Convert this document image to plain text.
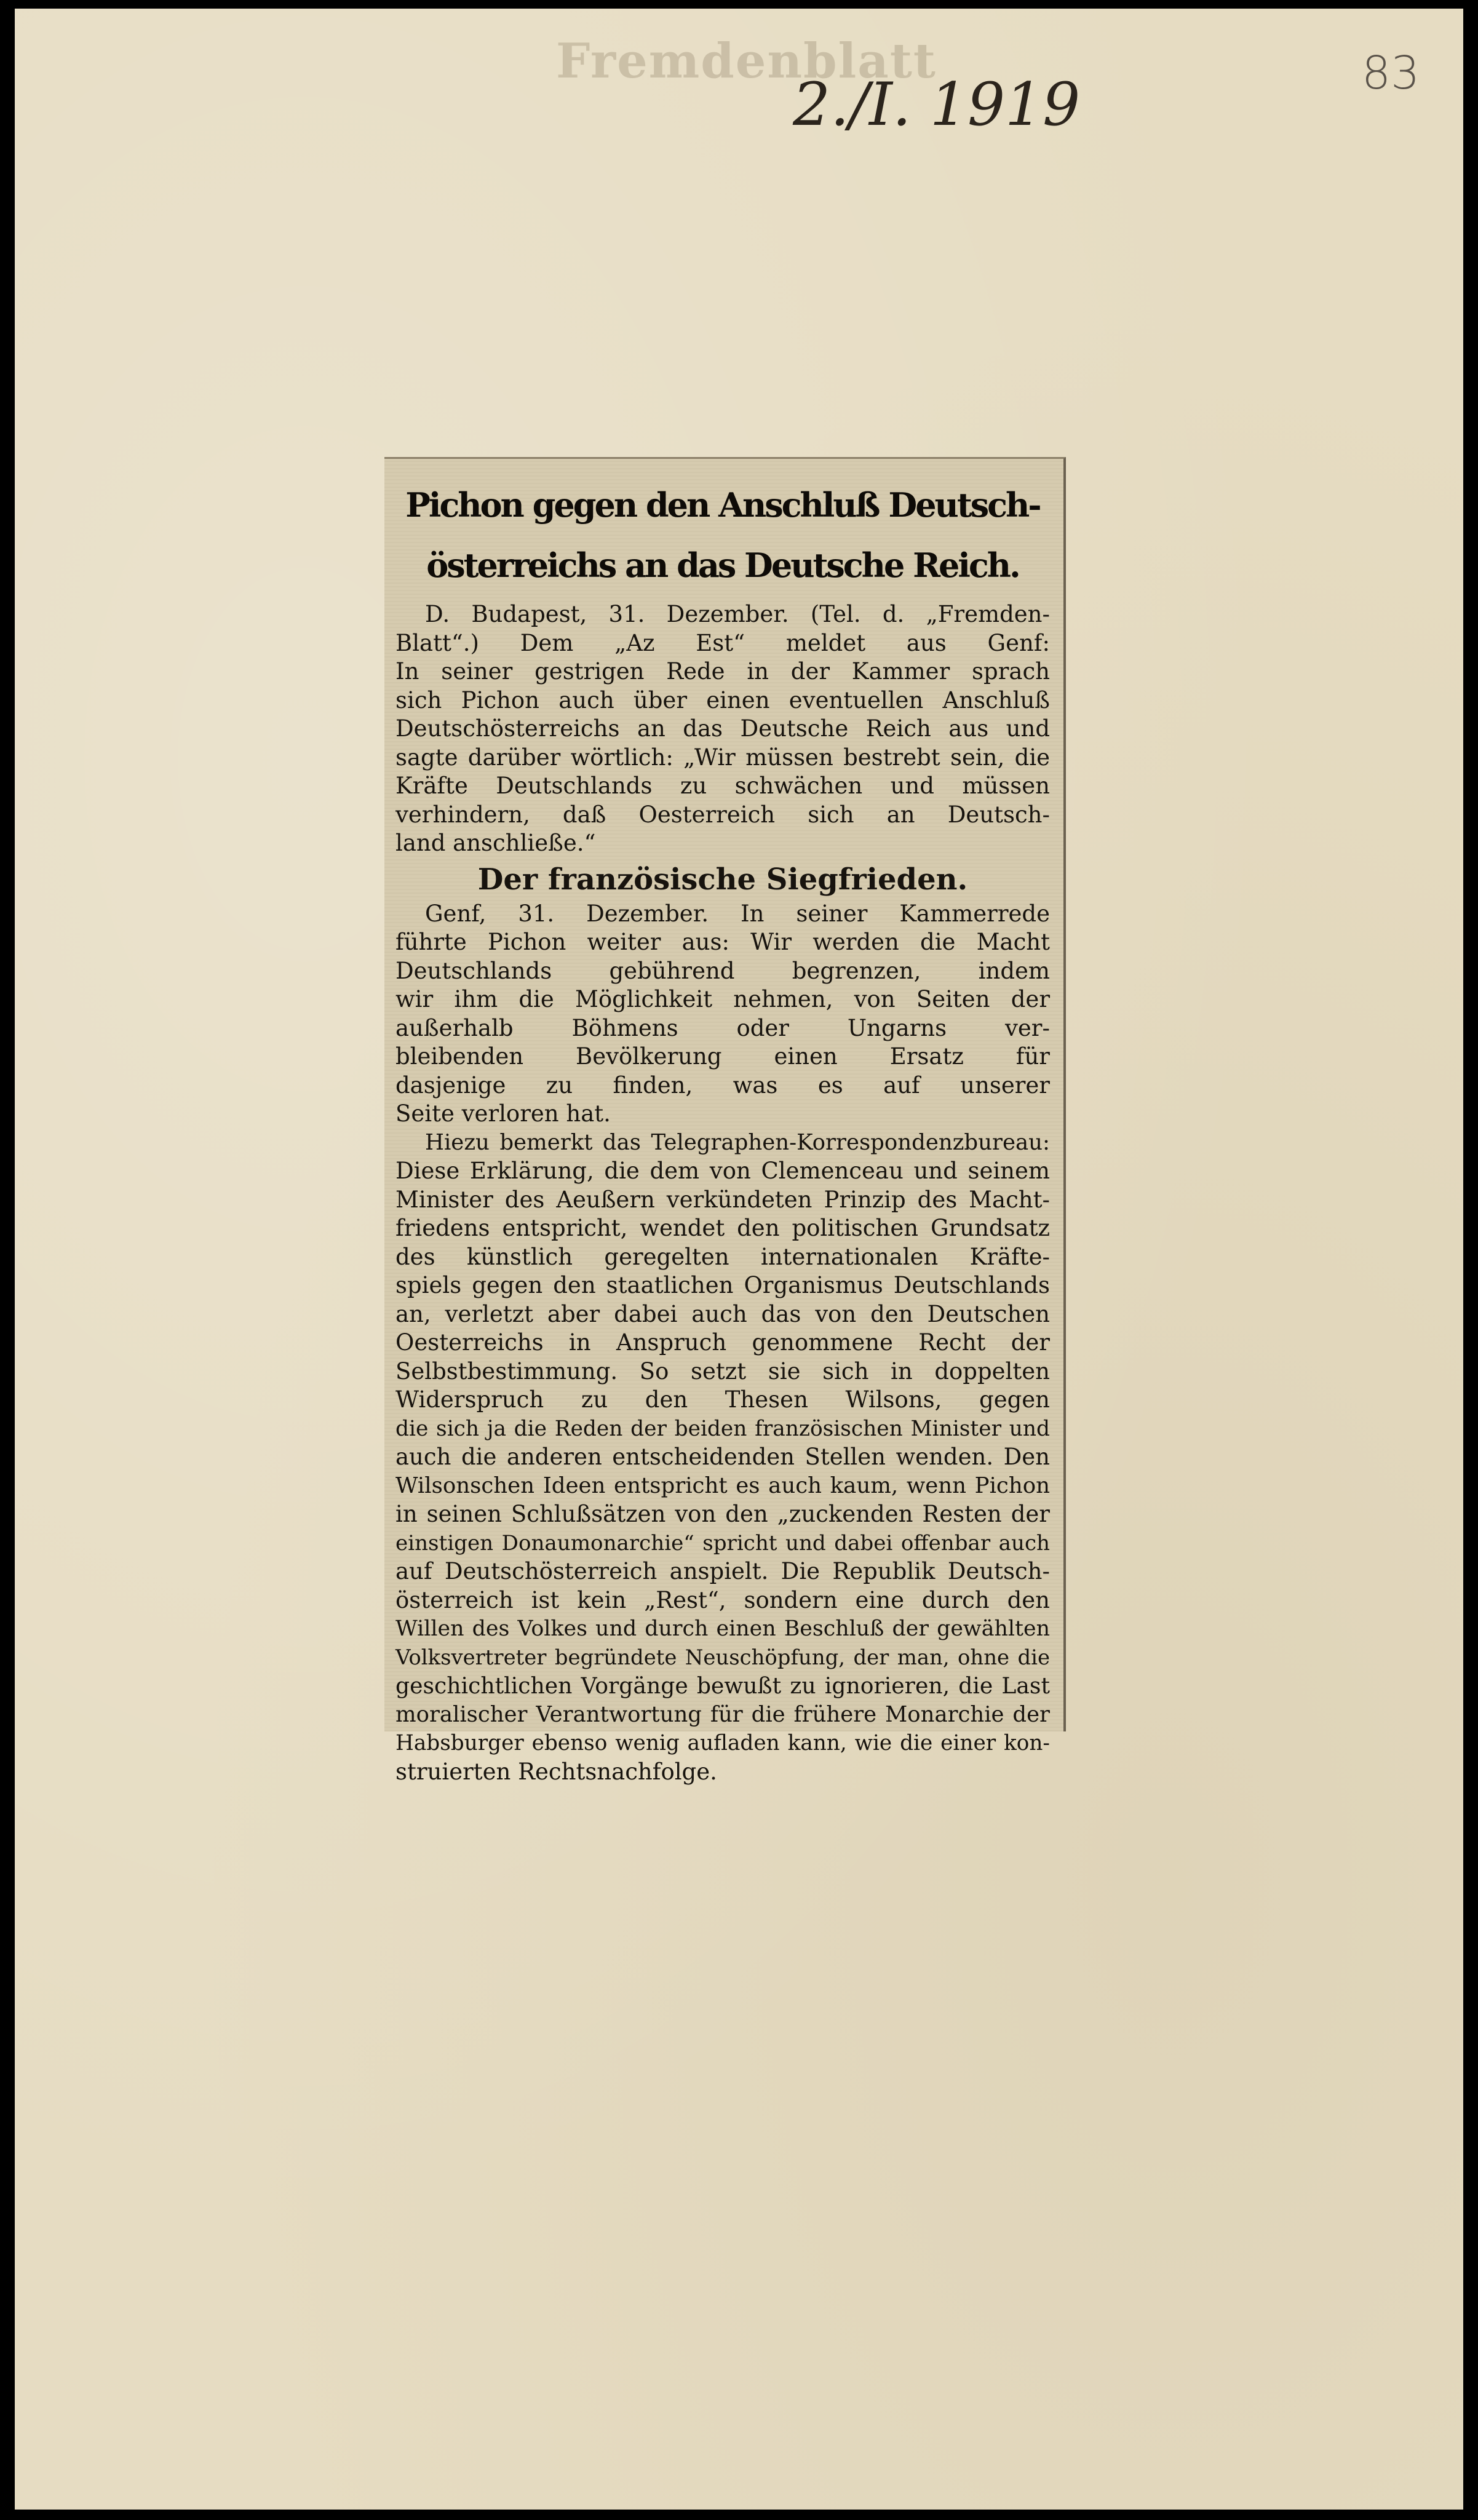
Fremdenblatt
2./I. 1919	83
Pichon gegen den Anschluß Deutsch-österreichs an das Deutsche Reich.

D. Budapest, 31. Dezember. (Tel. d. „Fremden-
Blatt“.) Dem „Az Est“ meldet aus Genf:
In seiner gestrigen Rede in der Kammer sprach
sich Pichon auch über einen eventuellen Anschluß
Deutschösterreichs an das Deutsche Reich aus und
sagte darüber wörtlich: „Wir müssen bestrebt sein, die
Kräfte Deutschlands zu schwächen und müssen
verhindern, daß Oesterreich sich an Deutsch-
land anschließe.“

Der französische Siegfrieden.

Genf, 31. Dezember. In seiner Kammerrede
führte Pichon weiter aus: Wir werden die Macht
Deutschlands gebührend begrenzen, indem
wir ihm die Möglichkeit nehmen, von Seiten der
außerhalb Böhmens oder Ungarns ver-
bleibenden Bevölkerung einen Ersatz für
dasjenige zu finden, was es auf unserer
Seite verloren hat.

Hiezu bemerkt das Telegraphen-Korrespondenzbureau:
Diese Erklärung, die dem von Clemenceau und seinem
Minister des Aeußern verkündeten Prinzip des Macht-
friedens entspricht, wendet den politischen Grundsatz
des künstlich geregelten internationalen Kräfte-
spiels gegen den staatlichen Organismus Deutschlands
an, verletzt aber dabei auch das von den Deutschen
Oesterreichs in Anspruch genommene Recht der
Selbstbestimmung. So setzt sie sich in doppelten
Widerspruch zu den Thesen Wilsons, gegen
die sich ja die Reden der beiden französischen Minister und
auch die anderen entscheidenden Stellen wenden. Den
Wilsonschen Ideen entspricht es auch kaum, wenn Pichon
in seinen Schlußsätzen von den „zuckenden Resten der
einstigen Donaumonarchie“ spricht und dabei offenbar auch
auf Deutschösterreich anspielt. Die Republik Deutsch-
österreich ist kein „Rest“, sondern eine durch den
Willen des Volkes und durch einen Beschluß der gewählten
Volksvertreter begründete Neuschöpfung, der man, ohne die
geschichtlichen Vorgänge bewußt zu ignorieren, die Last
moralischer Verantwortung für die frühere Monarchie der
Habsburger ebenso wenig aufladen kann, wie die einer kon-
struierten Rechtsnachfolge.
